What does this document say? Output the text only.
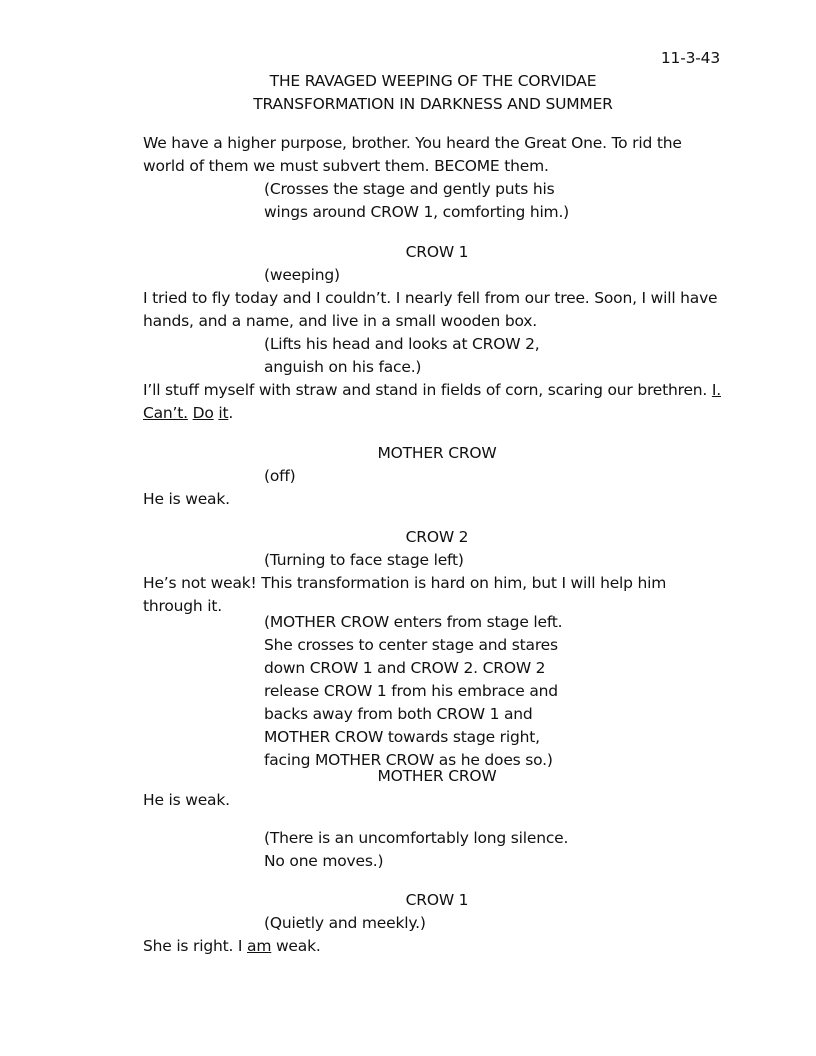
11-3-43
THE RAVAGED WEEPING OF THE CORVIDAE
TRANSFORMATION IN DARKNESS AND SUMMER
We have a higher purpose, brother. You heard the Great One. To rid the world of them we must subvert them. BECOME them.
(Crosses the stage and gently puts his wings around CROW 1, comforting him.)
CROW 1
(weeping)
I tried to fly today and I couldn’t. I nearly fell from our tree. Soon, I will have hands, and a name, and live in a small wooden box.
(Lifts his head and looks at CROW 2, anguish on his face.)
I’ll stuff myself with straw and stand in fields of corn, scaring our brethren. I. Can’t. Do it.
MOTHER CROW
(off)
He is weak.
CROW 2
(Turning to face stage left)
He’s not weak! This transformation is hard on him, but I will help him through it.
(MOTHER CROW enters from stage left. She crosses to center stage and stares down CROW 1 and CROW 2. CROW 2 release CROW 1 from his embrace and backs away from both CROW 1 and MOTHER CROW towards stage right, facing MOTHER CROW as he does so.)
MOTHER CROW
He is weak.
(There is an uncomfortably long silence. No one moves.)
CROW 1
(Quietly and meekly.)
She is right. I am weak.
